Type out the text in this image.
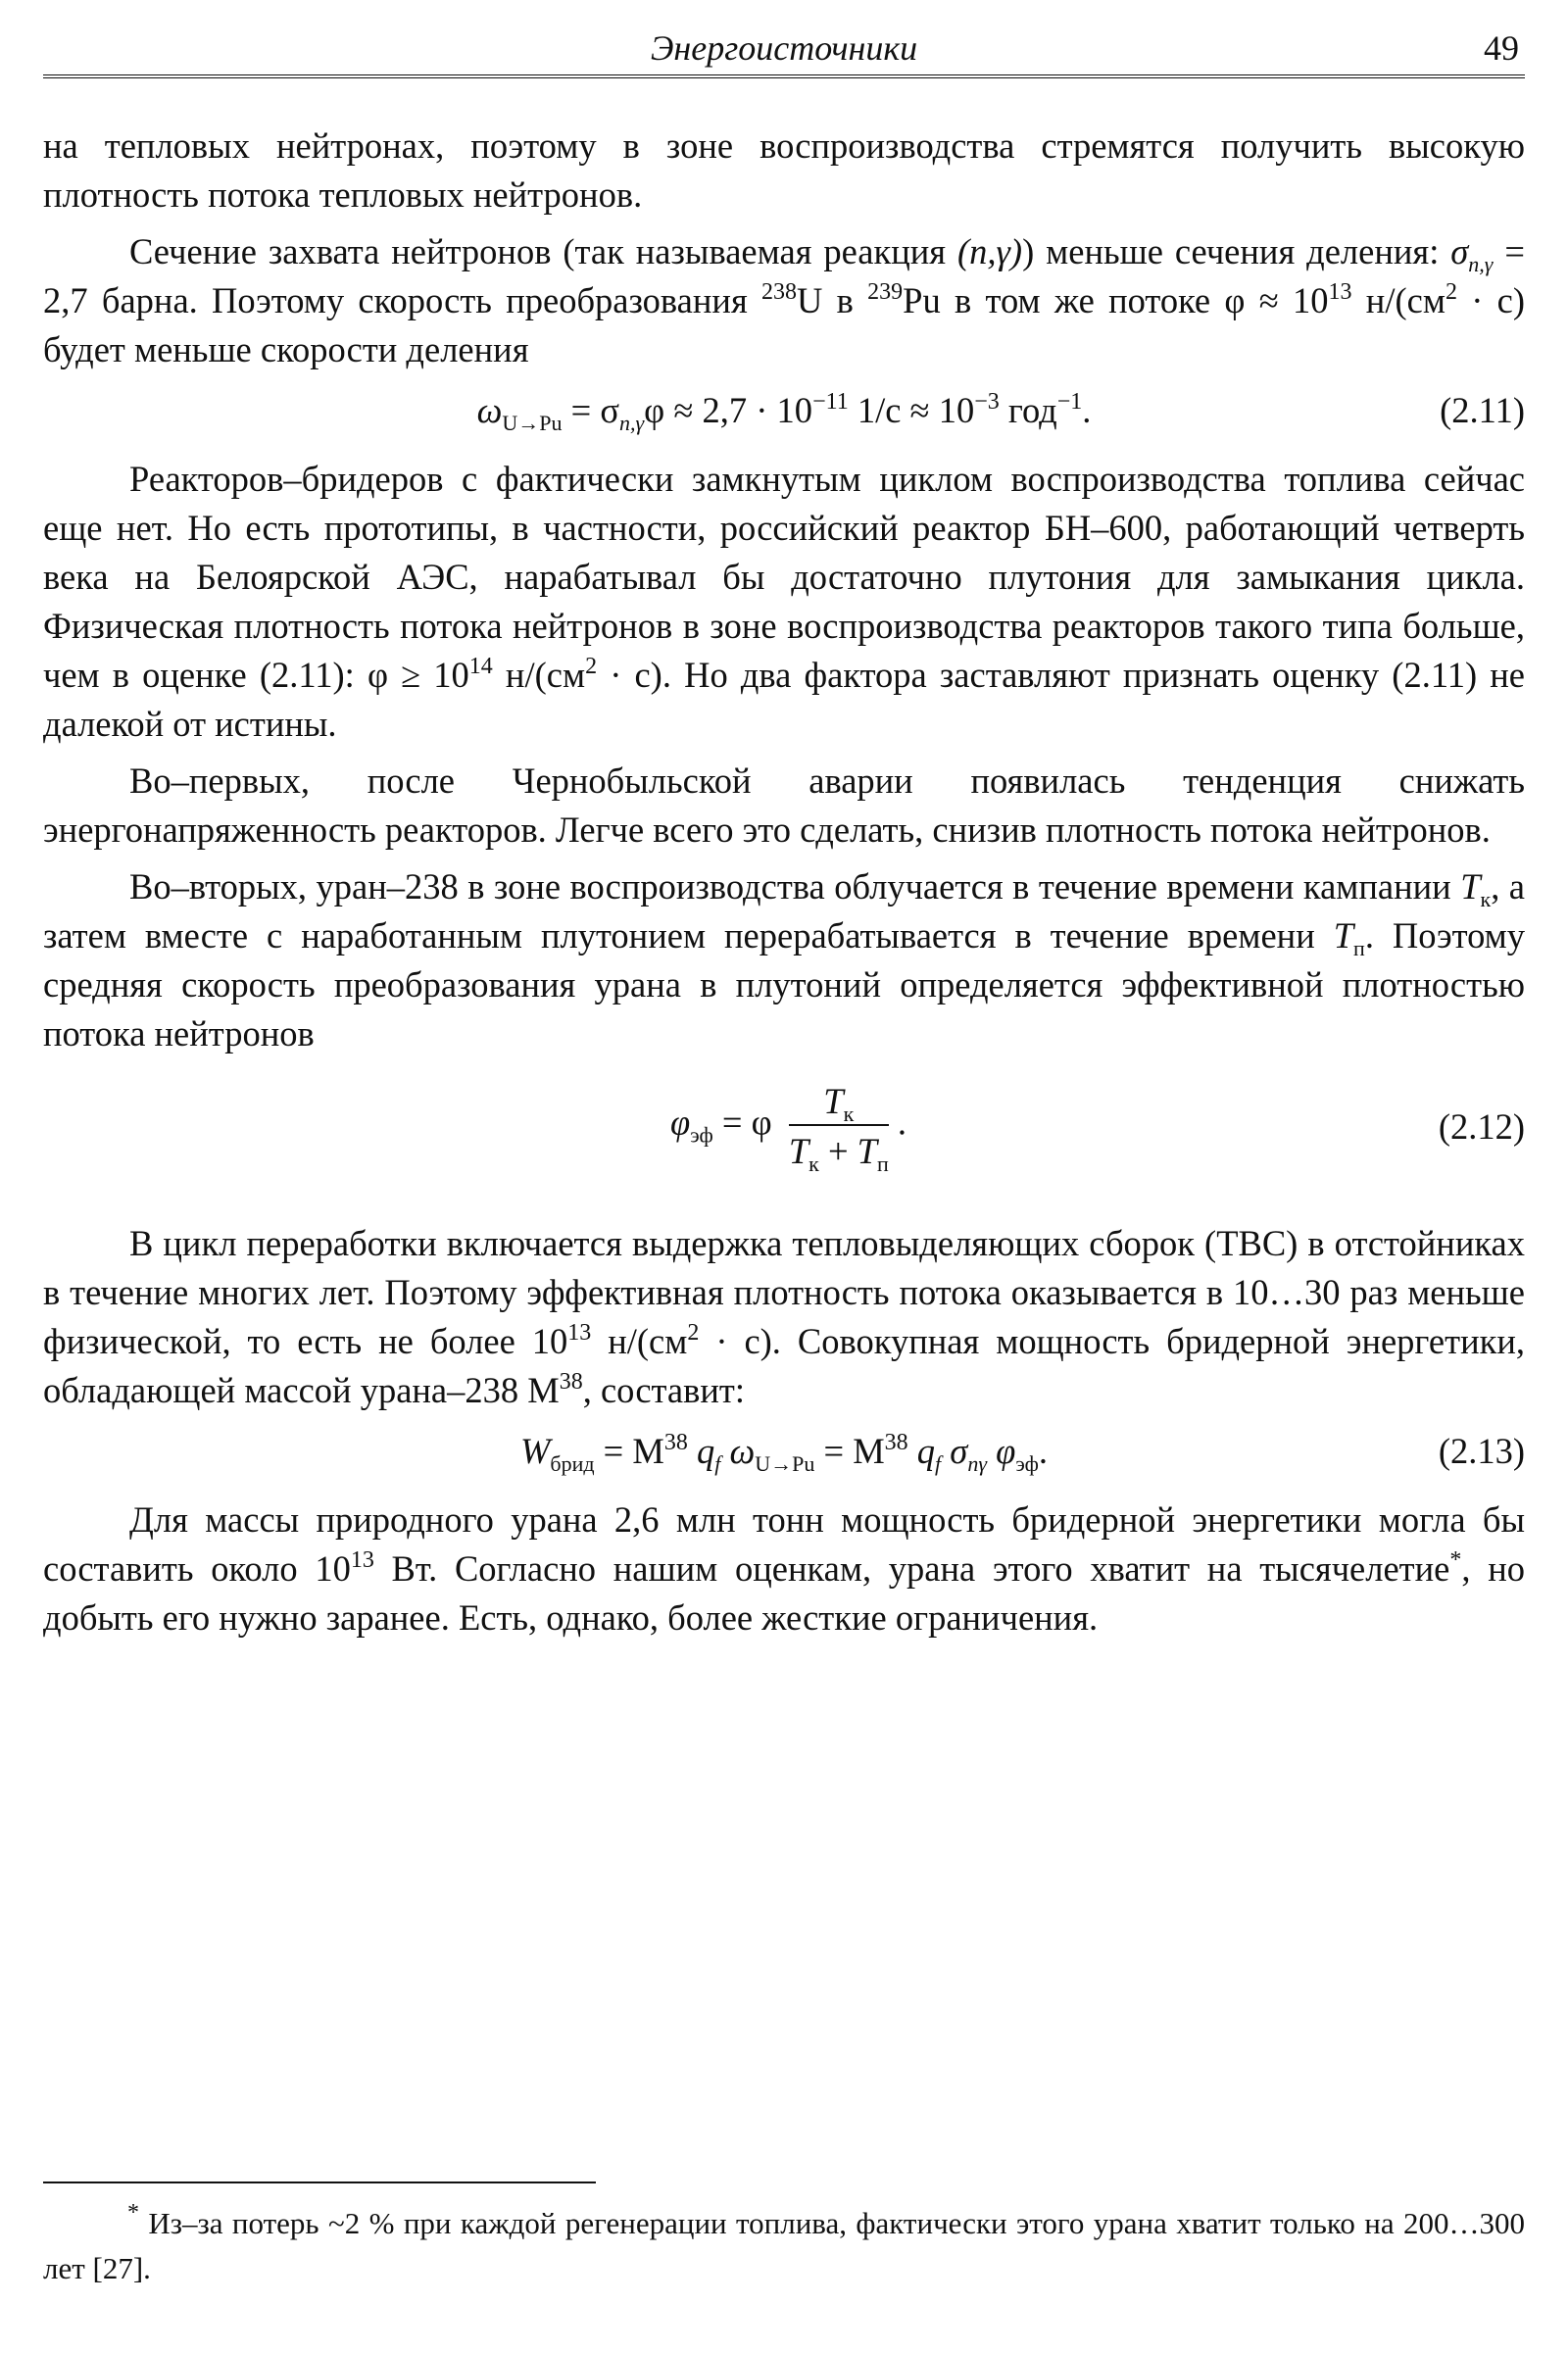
Энергоисточники	49

на тепловых нейтронах, поэтому в зоне воспроизводства стремятся получить высокую плотность потока тепловых нейтронов.

Сечение захвата нейтронов (так называемая реакция (n,γ)) меньше сечения деления: $\sigma_{n,\gamma} = 2,7$ барна. Поэтому скорость преобразования $^{238}$U в $^{239}$Pu в том же потоке $\varphi \approx 10^{13}$ $н/(см^2 \cdot с)$ будет меньше скорости деления

$\omega_{U\to Pu} = \sigma_{n,\gamma}\varphi \approx 2,7 \cdot 10^{-11}$ $1/с \approx 10^{-3}$ год$^{-1}$.	(2.11)

Реакторов–бридеров с фактически замкнутым циклом воспроизводства топлива сейчас еще нет. Но есть прототипы, в частности, российский реактор БН–600, работающий четверть века на Белоярской АЭС, нарабатывал бы достаточно плутония для замыкания цикла. Физическая плотность потока нейтронов в зоне воспроизводства реакторов такого типа больше, чем в оценке (2.11): $\varphi \ge 10^{14}$ $н/(см^2 \cdot с)$. Но два фактора заставляют признать оценку (2.11) не далекой от истины.

Во–первых, после Чернобыльской аварии появилась тенденция снижать энергонапряженность реакторов. Легче всего это сделать, снизив плотность потока нейтронов.

Во–вторых, уран–238 в зоне воспроизводства облучается в течение времени кампании $T_к$, а затем вместе с наработанным плутонием перерабатывается в течение времени $T_п$. Поэтому средняя скорость преобразования урана в плутоний определяется эффективной плотностью потока нейтронов

$\varphi_{эф} = \varphi \frac{T_к}{T_к + T_п}$ .	(2.12)

В цикл переработки включается выдержка тепловыделяющих сборок (ТВС) в отстойниках в течение многих лет. Поэтому эффективная плотность потока оказывается в 10…30 раз меньше физической, то есть не более $10^{13}$ $н/(см^2 \cdot с)$. Совокупная мощность бридерной энергетики, обладающей массой урана–238 $M^{38}$, составит:

$W_{брид} = M^{38}$ $q_f$ $\omega_{U\to Pu} = M^{38}$ $q_f$ $\sigma_{n\gamma}$ $\varphi_{эф}$.	(2.13)

Для массы природного урана 2,6 млн тонн мощность бридерной энергетики могла бы составить около $10^{13}$ Вт. Согласно нашим оценкам, урана этого хватит на тысячелетие*, но добыть его нужно заранее. Есть, однако, более жесткие ограничения.

* Из–за потерь ~2 % при каждой регенерации топлива, фактически этого урана хватит только на 200…300 лет [27].
